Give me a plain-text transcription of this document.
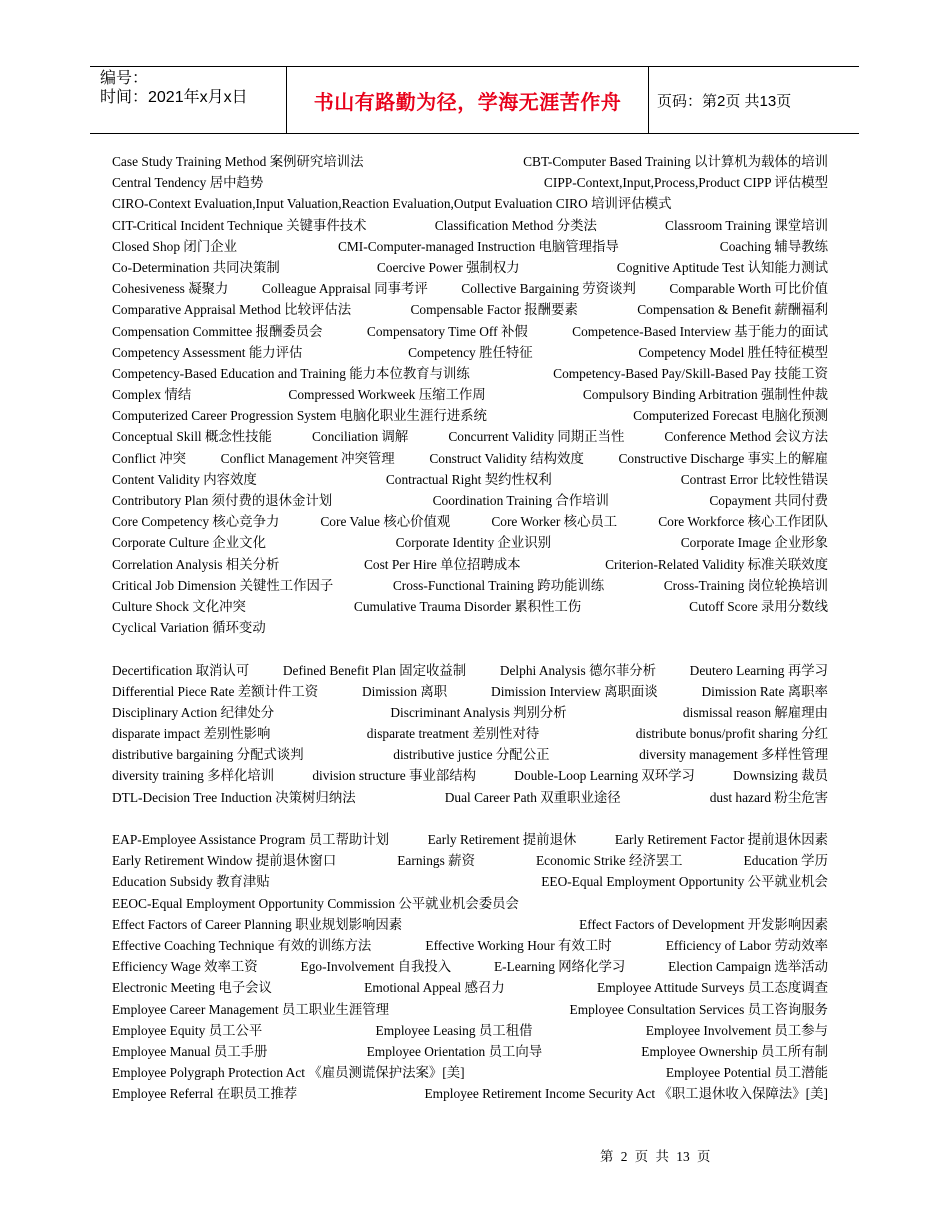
编号：
时间：2021年x月x日	书山有路勤为径，学海无涯苦作舟	页码：第2页 共13页
Case Study Training Method 案例研究培训法	CBT-Computer Based Training 以计算机为载体的培训
Central Tendency 居中趋势	CIPP-Context,Input,Process,Product CIPP 评估模型
CIRO-Context Evaluation,Input Valuation,Reaction Evaluation,Output Evaluation CIRO 培训评估模式
CIT-Critical Incident Technique 关键事件技术	Classification Method 分类法	Classroom Training 课堂培训
Closed Shop 闭门企业	CMI-Computer-managed Instruction 电脑管理指导	Coaching 辅导教练
Co-Determination 共同决策制	Coercive Power 强制权力	Cognitive Aptitude Test 认知能力测试
Cohesiveness 凝聚力	Colleague Appraisal 同事考评	Collective Bargaining 劳资谈判	Comparable Worth 可比价值
Comparative Appraisal Method 比较评估法	Compensable Factor 报酬要素	Compensation & Benefit 薪酬福利
Compensation Committee 报酬委员会	Compensatory Time Off 补假	Competence-Based Interview 基于能力的面试
Competency Assessment 能力评估	Competency 胜任特征	Competency Model 胜任特征模型
Competency-Based Education and Training 能力本位教育与训练	Competency-Based Pay/Skill-Based Pay 技能工资
Complex 情结	Compressed Workweek 压缩工作周	Compulsory Binding Arbitration 强制性仲裁
Computerized Career Progression System 电脑化职业生涯行进系统	Computerized Forecast 电脑化预测
Conceptual Skill 概念性技能	Conciliation 调解	Concurrent Validity 同期正当性	Conference Method 会议方法
Conflict 冲突	Conflict Management 冲突管理	Construct Validity 结构效度	Constructive Discharge 事实上的解雇
Content Validity 内容效度	Contractual Right 契约性权利	Contrast Error 比较性错误
Contributory Plan 须付费的退休金计划	Coordination Training 合作培训	Copayment 共同付费
Core Competency 核心竞争力	Core Value 核心价值观	Core Worker 核心员工	Core Workforce 核心工作团队
Corporate Culture 企业文化	Corporate Identity 企业识别	Corporate Image 企业形象
Correlation Analysis 相关分析	Cost Per Hire 单位招聘成本	Criterion-Related Validity 标准关联效度
Critical Job Dimension 关键性工作因子	Cross-Functional Training 跨功能训练	Cross-Training 岗位轮换培训
Culture Shock 文化冲突	Cumulative Trauma Disorder 累积性工伤	Cutoff Score 录用分数线
Cyclical Variation 循环变动
Decertification 取消认可	Defined Benefit Plan 固定收益制	Delphi Analysis 德尔菲分析	Deutero Learning 再学习
Differential Piece Rate 差额计件工资	Dimission 离职	Dimission Interview 离职面谈	Dimission Rate 离职率
Disciplinary Action 纪律处分	Discriminant Analysis 判别分析	dismissal reason 解雇理由
disparate impact 差别性影响	disparate treatment 差别性对待	distribute bonus/profit sharing 分红
distributive bargaining 分配式谈判	distributive justice 分配公正	diversity management 多样性管理
diversity training 多样化培训	division structure 事业部结构	Double-Loop Learning 双环学习	Downsizing 裁员
DTL-Decision Tree Induction 决策树归纳法	Dual Career Path 双重职业途径	dust hazard 粉尘危害
EAP-Employee Assistance Program 员工帮助计划	Early Retirement 提前退休	Early Retirement Factor 提前退休因素
Early Retirement Window 提前退休窗口	Earnings 薪资	Economic Strike 经济罢工	Education 学历
Education Subsidy 教育津贴	EEO-Equal Employment Opportunity 公平就业机会
EEOC-Equal Employment Opportunity Commission 公平就业机会委员会
Effect Factors of Career Planning 职业规划影响因素	Effect Factors of Development 开发影响因素
Effective Coaching Technique 有效的训练方法	Effective Working Hour 有效工时	Efficiency of Labor 劳动效率
Efficiency Wage 效率工资	Ego-Involvement 自我投入	E-Learning 网络化学习	Election Campaign 选举活动
Electronic Meeting 电子会议	Emotional Appeal 感召力	Employee Attitude Surveys 员工态度调查
Employee Career Management 员工职业生涯管理	Employee Consultation Services 员工咨询服务
Employee Equity 员工公平	Employee Leasing 员工租借	Employee Involvement 员工参与
Employee Manual 员工手册	Employee Orientation 员工向导	Employee Ownership 员工所有制
Employee Polygraph Protection Act 《雇员测谎保护法案》[美]	Employee Potential 员工潜能
Employee Referral 在职员工推荐	Employee Retirement Income Security Act 《职工退休收入保障法》[美]
第 2 页 共 13 页
